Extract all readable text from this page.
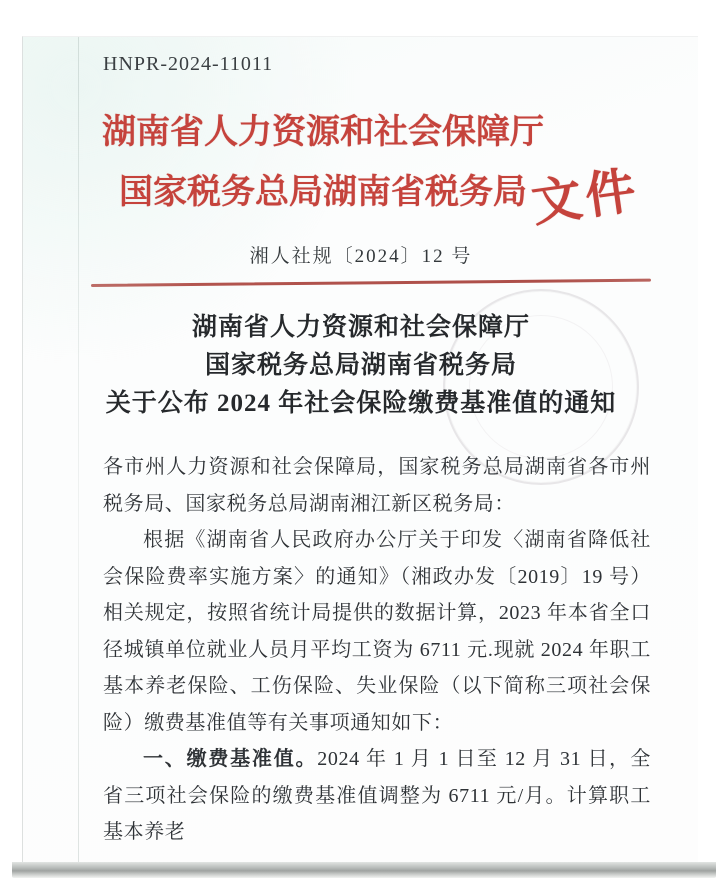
HNPR-2024-11011
湖南省人力资源和社会保障厅
国家税务总局湖南省税务局 文件
湘人社规〔2024〕12 号
湖南省人力资源和社会保障厅
国家税务总局湖南省税务局
关于公布 2024 年社会保险缴费基准值的通知

各市州人力资源和社会保障局，国家税务总局湖南省各市州税务局、国家税务总局湖南湘江新区税务局：

根据《湖南省人民政府办公厅关于印发〈湖南省降低社会保险费率实施方案〉的通知》（湘政办发〔2019〕19 号）相关规定，按照省统计局提供的数据计算，2023 年本省全口径城镇单位就业人员月平均工资为 6711 元.现就 2024 年职工基本养老保险、工伤保险、失业保险（以下简称三项社会保险）缴费基准值等有关事项通知如下：

一、缴费基准值。2024 年 1 月 1 日至 12 月 31 日，全省三项社会保险的缴费基准值调整为 6711 元/月。计算职工基本养老
